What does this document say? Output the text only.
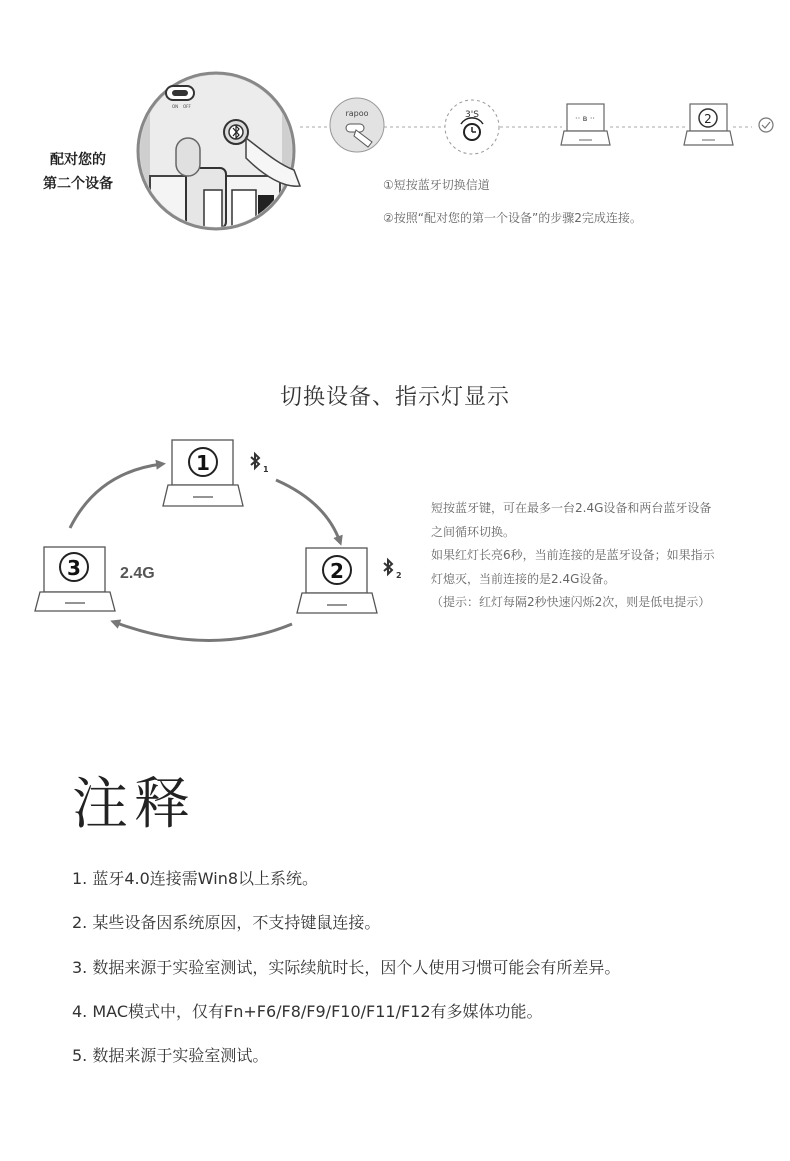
配对您的
第二个设备
ON OFF
rapoo	3'S	·· ʙ ··	2
①短按蓝牙切换信道
②按照“配对您的第一个设备”的步骤2完成连接。
切换设备、指示灯显示
1	1
2	2
3 2.4G

短按蓝牙键，可在最多一台2.4G设备和两台蓝牙设备

之间循环切换。

如果红灯长亮6秒，当前连接的是蓝牙设备；如果指示

灯熄灭，当前连接的是2.4G设备。

（提示：红灯每隔2秒快速闪烁2次，则是低电提示）

注释
1. 蓝牙4.0连接需Win8以上系统。
2. 某些设备因系统原因，不支持键鼠连接。
3. 数据来源于实验室测试，实际续航时长，因个人使用习惯可能会有所差异。
4. MAC模式中，仅有Fn+F6/F8/F9/F10/F11/F12有多媒体功能。
5. 数据来源于实验室测试。
